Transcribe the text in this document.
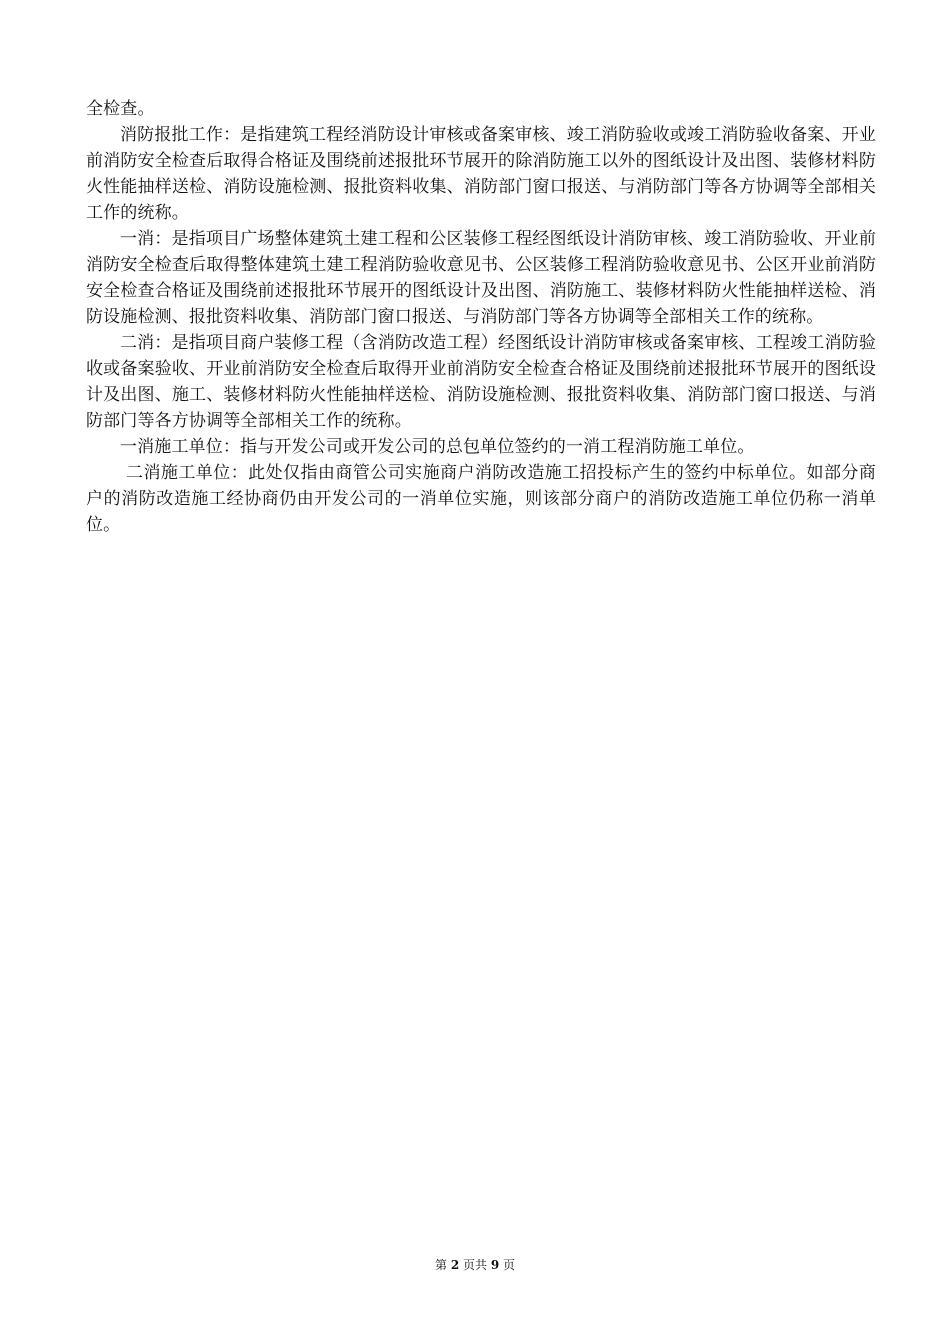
全检查。

消防报批工作：是指建筑工程经消防设计审核或备案审核、竣工消防验收或竣工消防验收备案、开业前消防安全检查后取得合格证及围绕前述报批环节展开的除消防施工以外的图纸设计及出图、装修材料防火性能抽样送检、消防设施检测、报批资料收集、消防部门窗口报送、与消防部门等各方协调等全部相关工作的统称。

一消：是指项目广场整体建筑土建工程和公区装修工程经图纸设计消防审核、竣工消防验收、开业前消防安全检查后取得整体建筑土建工程消防验收意见书、公区装修工程消防验收意见书、公区开业前消防安全检查合格证及围绕前述报批环节展开的图纸设计及出图、消防施工、装修材料防火性能抽样送检、消防设施检测、报批资料收集、消防部门窗口报送、与消防部门等各方协调等全部相关工作的统称。

二消：是指项目商户装修工程（含消防改造工程）经图纸设计消防审核或备案审核、工程竣工消防验收或备案验收、开业前消防安全检查后取得开业前消防安全检查合格证及围绕前述报批环节展开的图纸设计及出图、施工、装修材料防火性能抽样送检、消防设施检测、报批资料收集、消防部门窗口报送、与消防部门等各方协调等全部相关工作的统称。

一消施工单位：指与开发公司或开发公司的总包单位签约的一消工程消防施工单位。

二消施工单位：此处仅指由商管公司实施商户消防改造施工招投标产生的签约中标单位。如部分商户的消防改造施工经协商仍由开发公司的一消单位实施，则该部分商户的消防改造施工单位仍称一消单位。

第 2 页共 9 页
